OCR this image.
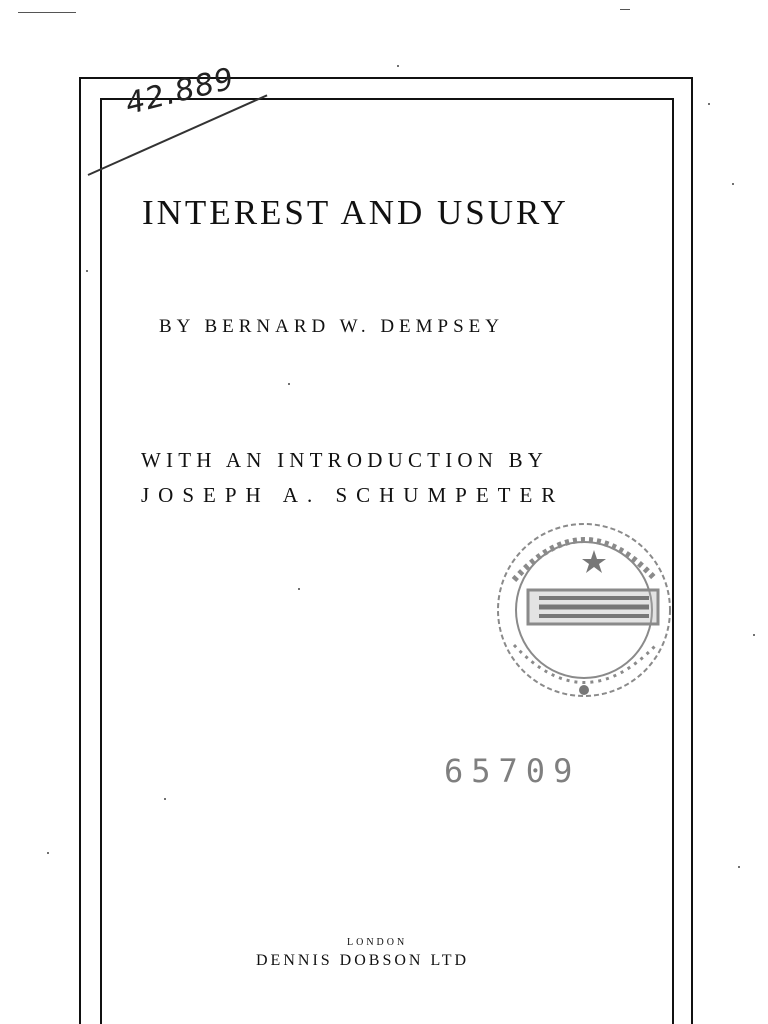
42.889
INTEREST AND USURY
BY BERNARD W. DEMPSEY
WITH AN INTRODUCTION BY
JOSEPH A. SCHUMPETER
65709
LONDON
DENNIS DOBSON LTD
